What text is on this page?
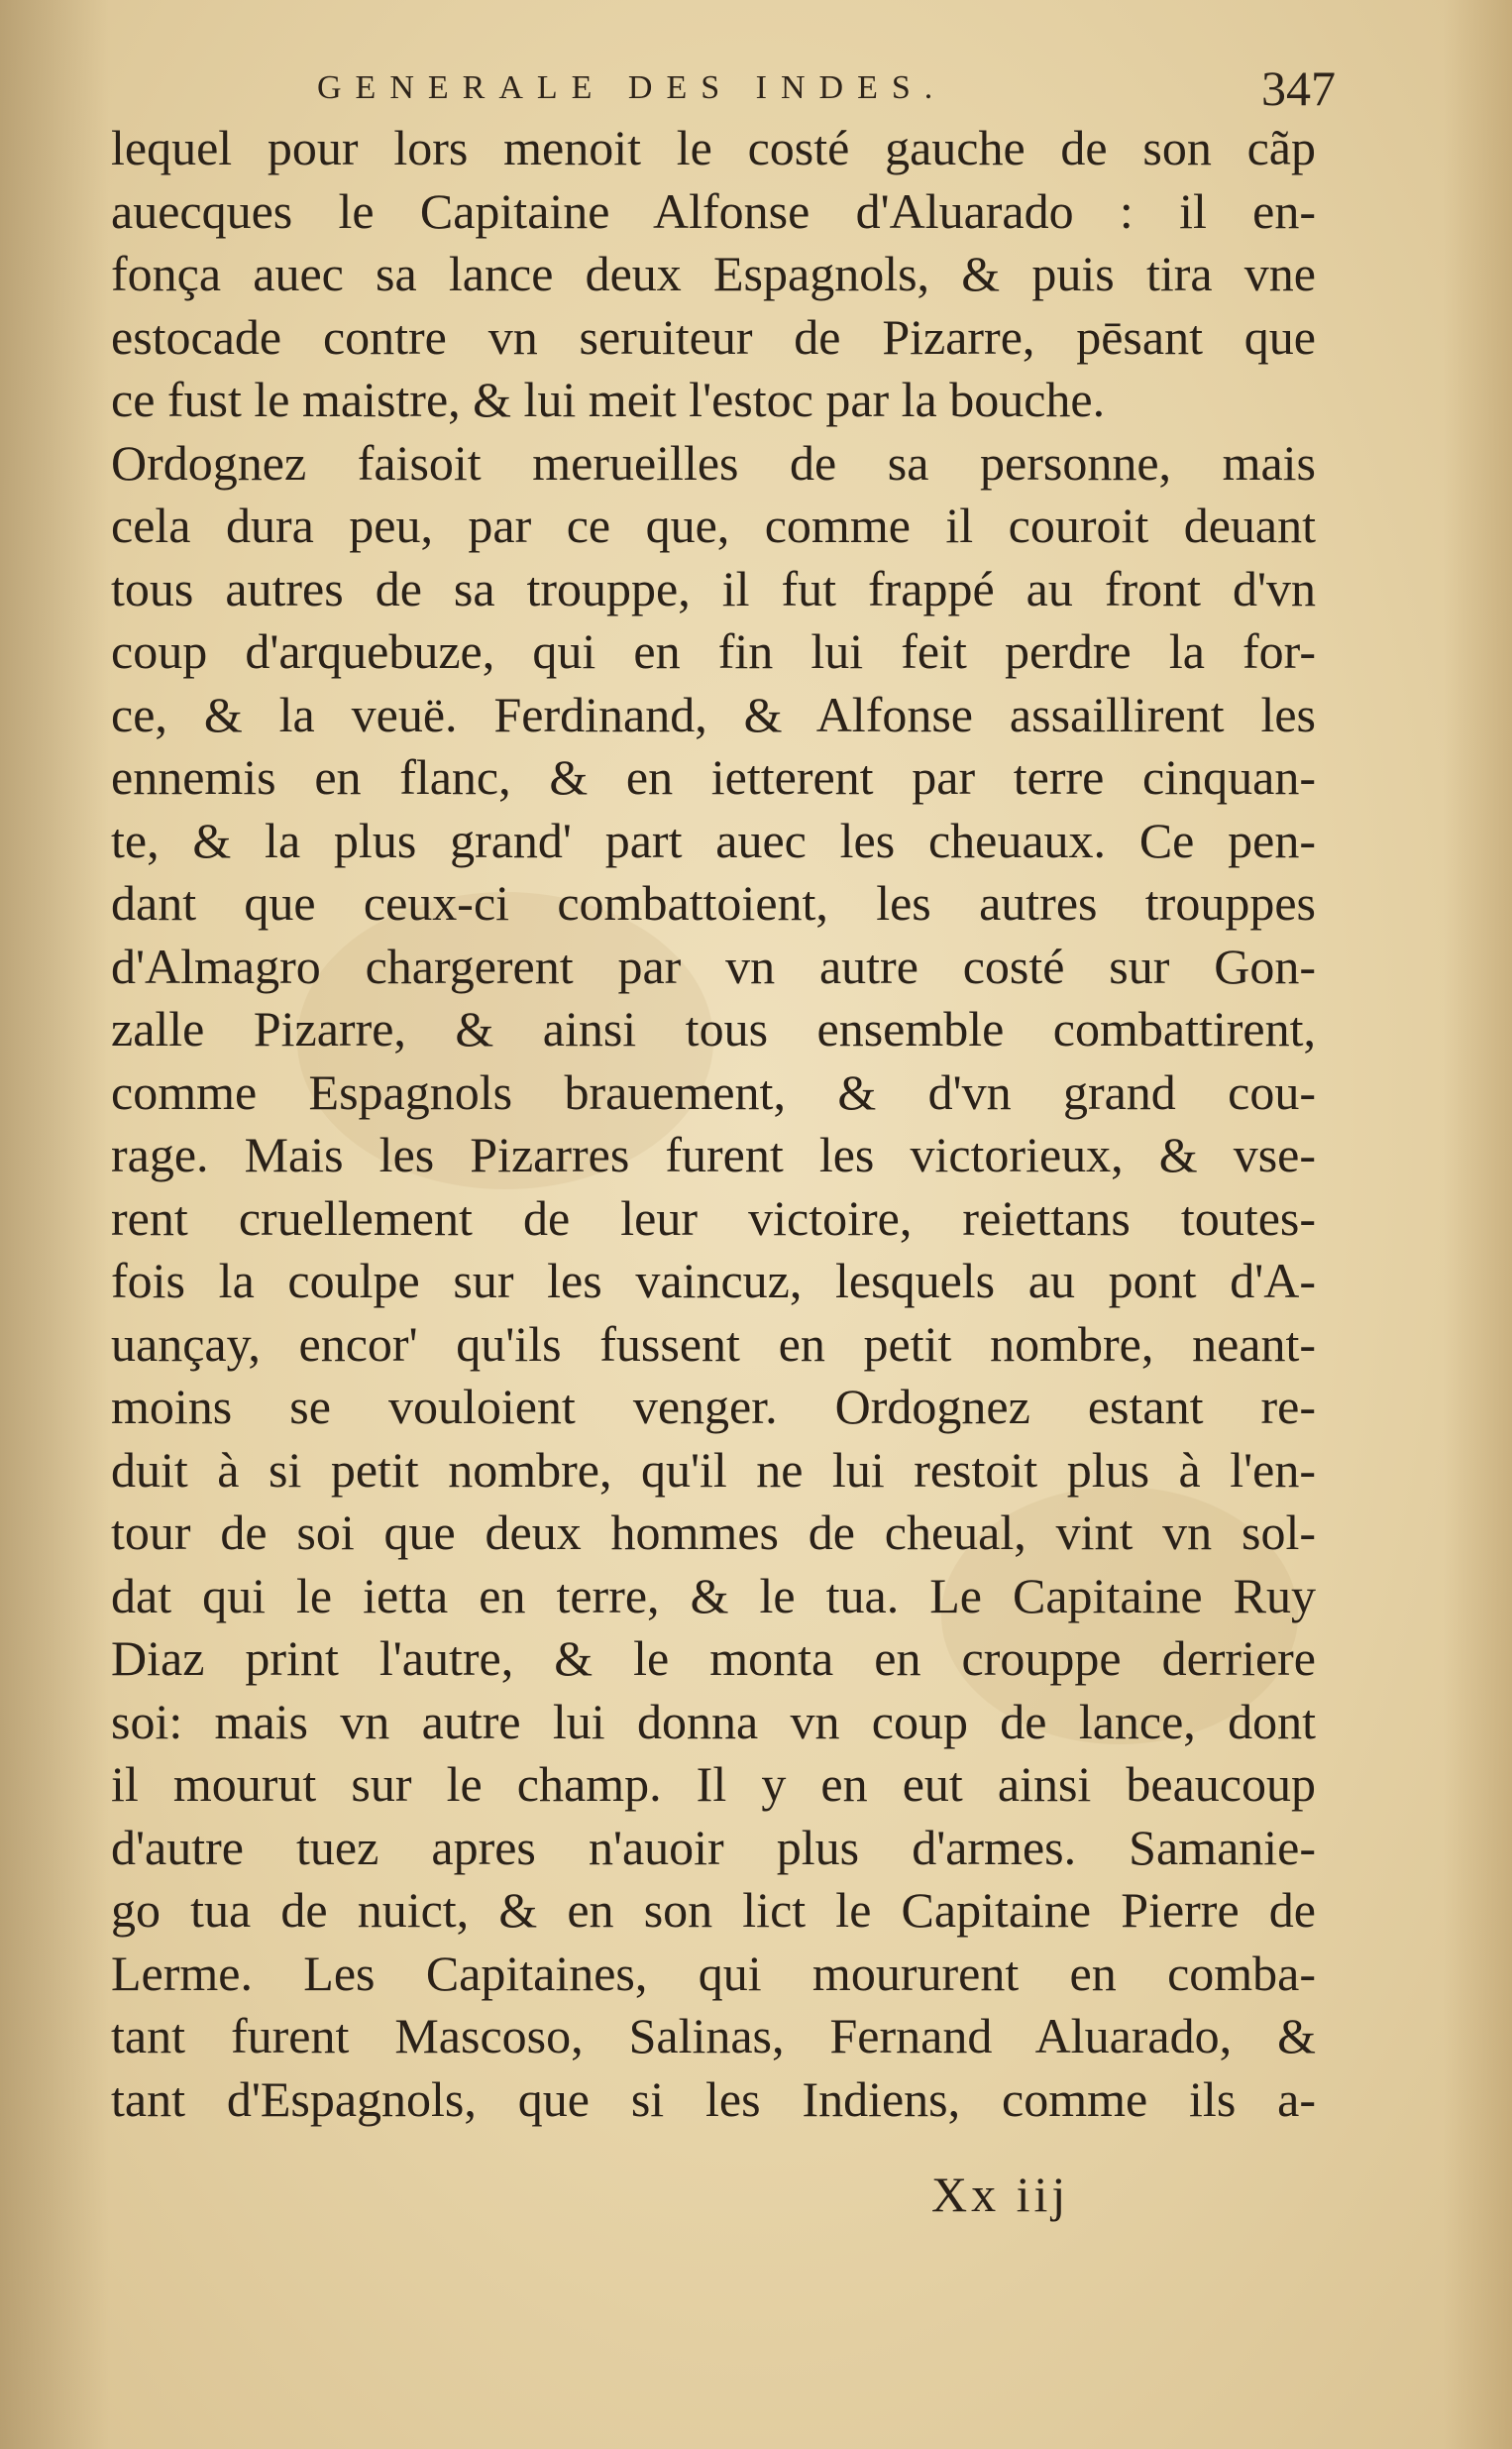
GENERALE DES INDES.	347
lequel pour lors menoit le costé gauche de son cãp
auecques le Capitaine Alfonse d'Aluarado : il en-
fonça auec sa lance deux Espagnols, & puis tira vne
estocade contre vn seruiteur de Pizarre, pēsant que
ce fust le maistre, & lui meit l'estoc par la bouche.
Ordognez faisoit merueilles de sa personne, mais
cela dura peu, par ce que, comme il couroit deuant
tous autres de sa trouppe, il fut frappé au front d'vn
coup d'arquebuze, qui en fin lui feit perdre la for-
ce, & la veuë. Ferdinand, & Alfonse assaillirent les
ennemis en flanc, & en ietterent par terre cinquan-
te, & la plus grand' part auec les cheuaux. Ce pen-
dant que ceux-ci combattoient, les autres trouppes
d'Almagro chargerent par vn autre costé sur Gon-
zalle Pizarre, & ainsi tous ensemble combattirent,
comme Espagnols brauement, & d'vn grand cou-
rage. Mais les Pizarres furent les victorieux, & vse-
rent cruellement de leur victoire, reiettans toutes-
fois la coulpe sur les vaincuz, lesquels au pont d'A-
uançay, encor' qu'ils fussent en petit nombre, neant-
moins se vouloient venger. Ordognez estant re-
duit à si petit nombre, qu'il ne lui restoit plus à l'en-
tour de soi que deux hommes de cheual, vint vn sol-
dat qui le ietta en terre, & le tua. Le Capitaine Ruy
Diaz print l'autre, & le monta en crouppe derriere
soi: mais vn autre lui donna vn coup de lance, dont
il mourut sur le champ. Il y en eut ainsi beaucoup
d'autre tuez apres n'auoir plus d'armes. Samanie-
go tua de nuict, & en son lict le Capitaine Pierre de
Lerme. Les Capitaines, qui moururent en comba-
tant furent Mascoso, Salinas, Fernand Aluarado, &
tant d'Espagnols, que si les Indiens, comme ils a-
Xx iij
